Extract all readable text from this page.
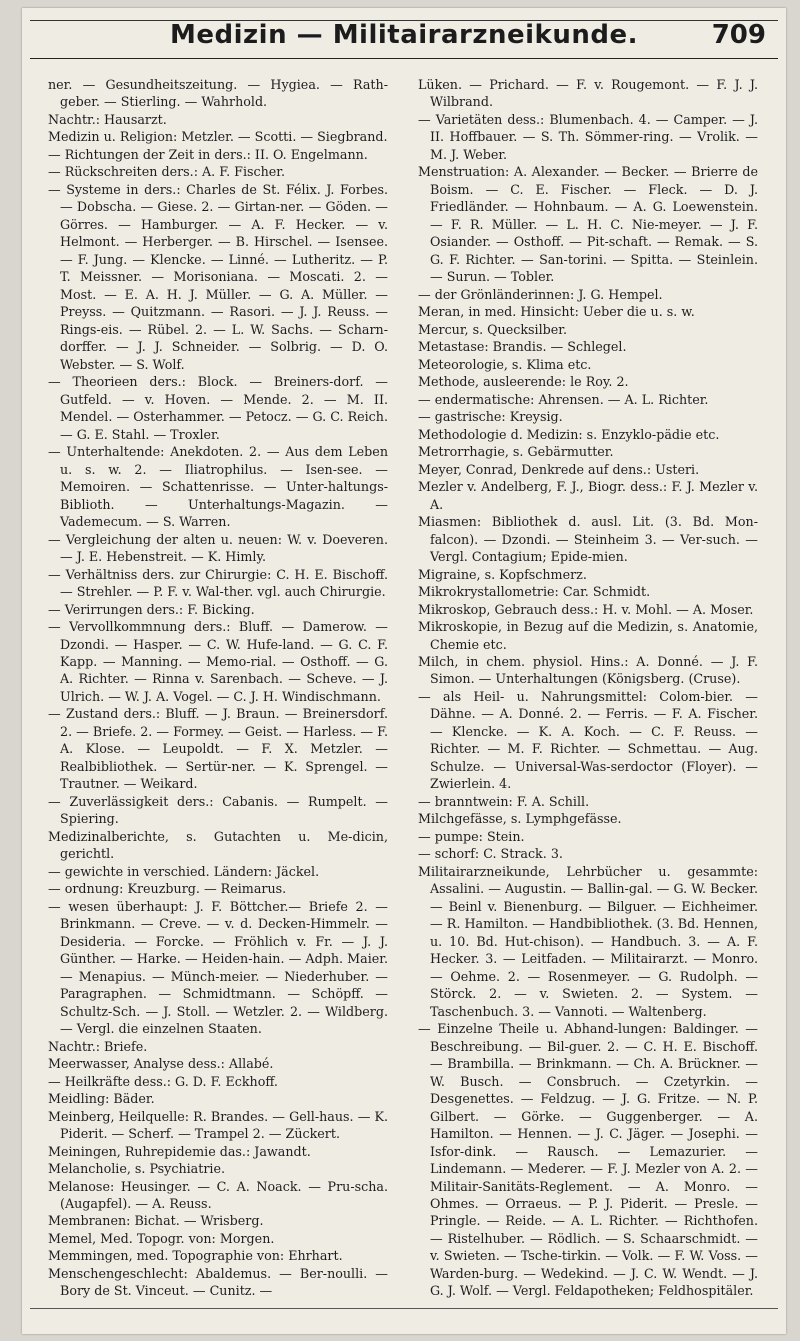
Medizin — Militairarzneikunde.	709

ner. — Gesundheitszeitung. — Hygiea. — Rath-geber. — Stierling. — Wahrhold.

Nachtr.: Hausarzt.

Medizin u. Religion: Metzler. — Scotti. — Siegbrand.

— Richtungen der Zeit in ders.: II. O. Engelmann.

— Rückschreiten ders.: A. F. Fischer.

— Systeme in ders.: Charles de St. Félix. J. Forbes. — Dobscha. — Giese. 2. — Girtan-ner. — Göden. — Görres. — Hamburger. — A. F. Hecker. — v. Helmont. — Herberger. — B. Hirschel. — Isensee. — F. Jung. — Klencke. — Linné. — Lutheritz. — P. T. Meissner. — Morisoniana. — Moscati. 2. — Most. — E. A. H. J. Müller. — G. A. Müller. — Preyss. — Quitzmann. — Rasori. — J. J. Reuss. — Rings-eis. — Rübel. 2. — L. W. Sachs. — Scharn-dorffer. — J. J. Schneider. — Solbrig. — D. O. Webster. — S. Wolf.

— Theorieen ders.: Block. — Breiners-dorf. — Gutfeld. — v. Hoven. — Mende. 2. — M. II. Mendel. — Osterhammer. — Petocz. — G. C. Reich. — G. E. Stahl. — Troxler.

— Unterhaltende: Anekdoten. 2. — Aus dem Leben u. s. w. 2. — Iliatrophilus. — Isen-see. — Memoiren. — Schattenrisse. — Unter-haltungs-Biblioth. — Unterhaltungs-Magazin. — Vademecum. — S. Warren.

— Vergleichung der alten u. neuen: W. v. Doeveren. — J. E. Hebenstreit. — K. Himly.

— Verhältniss ders. zur Chirurgie: C. H. E. Bischoff. — Strehler. — P. F. v. Wal-ther. vgl. auch Chirurgie.

— Verirrungen ders.: F. Bicking.

— Vervollkommnung ders.: Bluff. — Damerow. — Dzondi. — Hasper. — C. W. Hufe-land. — G. C. F. Kapp. — Manning. — Memo-rial. — Osthoff. — G. A. Richter. — Rinna v. Sarenbach. — Scheve. — J. Ulrich. — W. J. A. Vogel. — C. J. H. Windischmann.

— Zustand ders.: Bluff. — J. Braun. — Breinersdorf. 2. — Briefe. 2. — Formey. — Geist. — Harless. — F. A. Klose. — Leupoldt. — F. X. Metzler. — Realbibliothek. — Sertür-ner. — K. Sprengel. — Trautner. — Weikard.

— Zuverlässigkeit ders.: Cabanis. — Rumpelt. — Spiering.

Medizinalberichte, s. Gutachten u. Me-dicin, gerichtl.

— gewichte in verschied. Ländern: Jäckel.

— ordnung: Kreuzburg. — Reimarus.

— wesen überhaupt: J. F. Böttcher.— Briefe 2. — Brinkmann. — Creve. — v. d. Decken-Himmelr. — Desideria. — Forcke. — Fröhlich v. Fr. — J. J. Günther. — Harke. — Heiden-hain. — Adph. Maier. — Menapius. — Münch-meier. — Niederhuber. — Paragraphen. — Schmidtmann. — Schöpff. — Schultz-Sch. — J. Stoll. — Wetzler. 2. — Wildberg. — Vergl. die einzelnen Staaten.

Nachtr.: Briefe.

Meerwasser, Analyse dess.: Allabé.

— Heilkräfte dess.: G. D. F. Eckhoff.

Meidling: Bäder.

Meinberg, Heilquelle: R. Brandes. — Gell-haus. — K. Piderit. — Scherf. — Trampel 2. — Zückert.

Meiningen, Ruhrepidemie das.: Jawandt.

Melancholie, s. Psychiatrie.

Melanose: Heusinger. — C. A. Noack. — Pru-scha. (Augapfel). — A. Reuss.

Membranen: Bichat. — Wrisberg.

Memel, Med. Topogr. von: Morgen.

Memmingen, med. Topographie von: Ehrhart.

Menschengeschlecht: Abaldemus. — Ber-noulli. — Bory de St. Vinceut. — Cunitz. —

Lüken. — Prichard. — F. v. Rougemont. — F. J. J. Wilbrand.

— Varietäten dess.: Blumenbach. 4. — Camper. — J. II. Hoffbauer. — S. Th. Sömmer-ring. — Vrolik. — M. J. Weber.

Menstruation: A. Alexander. — Becker. — Brierre de Boism. — C. E. Fischer. — Fleck. — D. J. Friedländer. — Hohnbaum. — A. G. Loewenstein. — F. R. Müller. — L. H. C. Nie-meyer. — J. F. Osiander. — Osthoff. — Pit-schaft. — Remak. — S. G. F. Richter. — San-torini. — Spitta. — Steinlein. — Surun. — Tobler.

— der Grönländerinnen: J. G. Hempel.

Meran, in med. Hinsicht: Ueber die u. s. w.

Mercur, s. Quecksilber.

Metastase: Brandis. — Schlegel.

Meteorologie, s. Klima etc.

Methode, ausleerende: le Roy. 2.

— endermatische: Ahrensen. — A. L. Richter.

— gastrische: Kreysig.

Methodologie d. Medizin: s. Enzyklo-pädie etc.

Metrorrhagie, s. Gebärmutter.

Meyer, Conrad, Denkrede auf dens.: Usteri.

Mezler v. Andelberg, F. J., Biogr. dess.: F. J. Mezler v. A.

Miasmen: Bibliothek d. ausl. Lit. (3. Bd. Mon-falcon). — Dzondi. — Steinheim 3. — Ver-such. — Vergl. Contagium; Epide-mien.

Migraine, s. Kopfschmerz.

Mikrokrystallometrie: Car. Schmidt.

Mikroskop, Gebrauch dess.: H. v. Mohl. — A. Moser.

Mikroskopie, in Bezug auf die Medizin, s. Anatomie, Chemie etc.

Milch, in chem. physiol. Hins.: A. Donné. — J. F. Simon. — Unterhaltungen (Königsberg. (Cruse).

— als Heil- u. Nahrungsmittel: Colom-bier. — Dähne. — A. Donné. 2. — Ferris. — F. A. Fischer. — Klencke. — K. A. Koch. — C. F. Reuss. — Richter. — M. F. Richter. — Schmettau. — Aug. Schulze. — Universal-Was-serdoctor (Floyer). — Zwierlein. 4.

— branntwein: F. A. Schill.

Milchgefässe, s. Lymphgefässe.

— pumpe: Stein.

— schorf: C. Strack. 3.

Militairarzneikunde, Lehrbücher u. gesammte: Assalini. — Augustin. — Ballin-gal. — G. W. Becker. — Beinl v. Bienenburg. — Bilguer. — Eichheimer. — R. Hamilton. — Handbibliothek. (3. Bd. Hennen, u. 10. Bd. Hut-chison). — Handbuch. 3. — A. F. Hecker. 3. — Leitfaden. — Militairarzt. — Monro. — Oehme. 2. — Rosenmeyer. — G. Rudolph. — Störck. 2. — v. Swieten. 2. — System. — Taschenbuch. 3. — Vannoti. — Waltenberg.

— Einzelne Theile u. Abhand-lungen: Baldinger. — Beschreibung. — Bil-guer. 2. — C. H. E. Bischoff. — Brambilla. — Brinkmann. — Ch. A. Brückner. — W. Busch. — Consbruch. — Czetyrkin. — Desgenettes. — Feldzug. — J. G. Fritze. — N. P. Gilbert. — Görke. — Guggenberger. — A. Hamilton. — Hennen. — J. C. Jäger. — Josephi. — Isfor-dink. — Rausch. — Lemazurier. — Lindemann. — Mederer. — F. J. Mezler von A. 2. — Militair-Sanitäts-Reglement. — A. Monro. — Ohmes. — Orraeus. — P. J. Piderit. — Presle. — Pringle. — Reide. — A. L. Richter. — Richthofen. — Ristelhuber. — Rödlich. — S. Schaarschmidt. — v. Swieten. — Tsche-tirkin. — Volk. — F. W. Voss. — Warden-burg. — Wedekind. — J. C. W. Wendt. — J. G. J. Wolf. — Vergl. Feldapotheken; Feldhospitäler.
